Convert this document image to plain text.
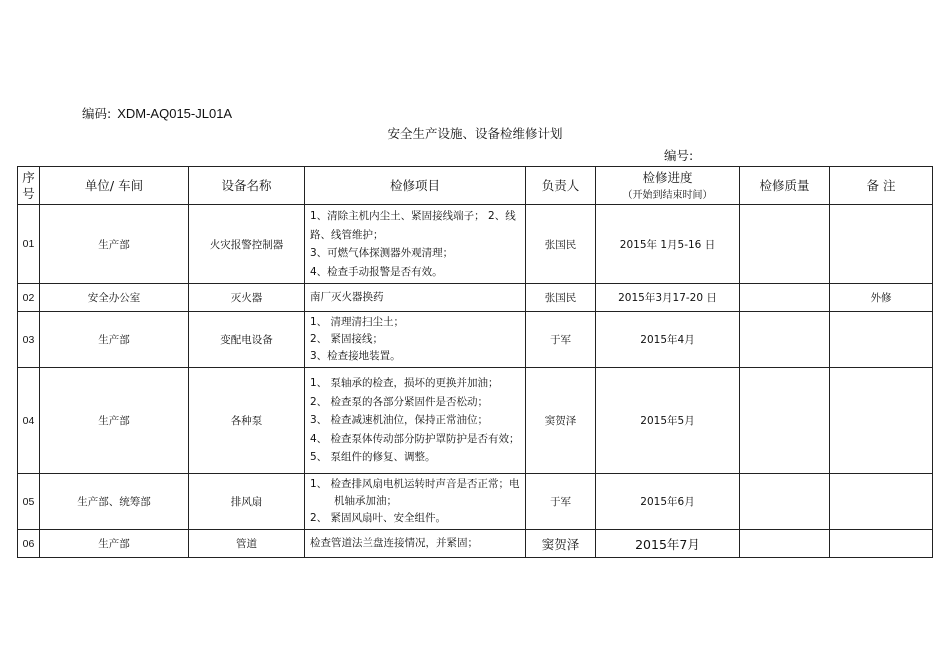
编码: XDM-AQ015-JL01A
安全生产设施、设备检维修计划
编号:
序号	单位/ 车间	设备名称	检修项目	负责人	检修进度（开始到结束时间）	检修质量	备 注
01	生产部	火灾报警控制器	1、清除主机内尘土、紧固接线端子； 2、线路、线管维护；
3、可燃气体探测器外观清理；
4、检查手动报警是否有效。	张国民	2015年 1月5-16 日		
02	安全办公室	灭火器	南厂灭火器换药	张国民	2015年3月17-20 日		外修
03	生产部	变配电设备	1、 清理清扫尘土；
2、 紧固接线；
3、检查接地装置。	于军	2015年4月		
04	生产部	各种泵	1、 泵轴承的检查，损坏的更换并加油；
2、 检查泵的各部分紧固件是否松动；
3、 检查减速机油位，保持正常油位；
4、 检查泵体传动部分防护罩防护是否有效；
5、 泵组件的修复、调整。	窦贺泽	2015年5月		
05	生产部、统筹部	排风扇	1、 检查排风扇电机运转时声音是否正常；电机轴承加油；
2、 紧固风扇叶、安全组件。	于军	2015年6月		
06	生产部	管道	检查管道法兰盘连接情况，并紧固；	窦贺泽	2015年7月		
